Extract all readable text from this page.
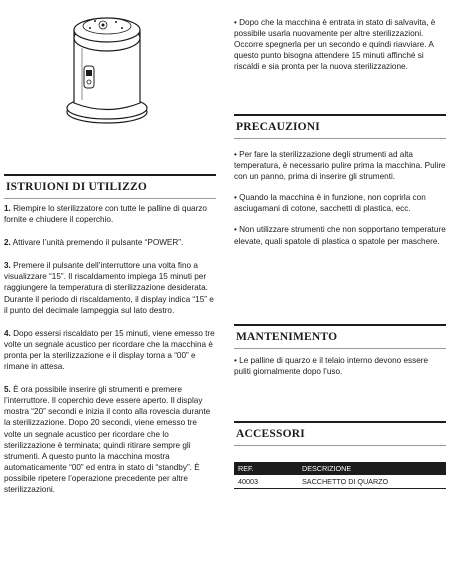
ISTRUIONI DI UTILIZZO

1. Riempire lo sterilizzatore con tutte le palline di quarzo fornite e chiudere il coperchio.

2. Attivare l’unità premendo il pulsante “POWER”.

3. Premere il pulsante dell’interruttore una volta fino a visualizzare “15”. Il riscaldamento impiega 15 minuti per raggiungere la temperatura di sterilizzazione desiderata. Durante il periodo di riscaldamento, il display indica “15” e il punto del decimale lampeggia sul lato destro.

4. Dopo essersi riscaldato per 15 minuti, viene emesso tre volte un segnale acustico per ricordare che la macchina è pronta per la sterilizzazione e il display torna a “00” e rimane in attesa.

5. È ora possibile inserire gli strumenti e premere l’interruttore. Il coperchio deve essere aperto. Il display mostra “20” secondi e inizia il conto alla rovescia durante la sterilizzazione. Dopo 20 secondi, viene emesso tre volte un segnale acustico per ricordare che lo sterilizzazione è terminata; quindi ritirare sempre gli strumenti. A questo punto la macchina mostra automaticamente “00” ed entra in stato di “standby”. È possibile ripetere l’operazione precedente per altre sterilizzazioni.

• Dopo che la macchina è entrata in stato di salvavita, è possibile usarla nuovamente per altre sterilizzazioni. Occorre spegnerla per un secondo e quindi riavviare. A questo punto bisogna attendere 15 minuti affinché si riscaldi e sia pronta per la nuova sterilizzazione.

PRECAUZIONI

• Per fare la sterilizzazione degli strumenti ad alta temperatura, è necessario pulire prima la macchina. Pulire con un panno, prima di inserire gli strumenti.

• Quando la macchina è in funzione, non coprirla con asciugamani di cotone, sacchetti di plastica, ecc.

• Non utilizzare strumenti che non sopportano temperature elevate, quali spatole di plastica o spatole per maschere.

MANTENIMENTO

• Le palline di quarzo e il telaio interno devono essere puliti giornalmente dopo l’uso.

ACCESSORI
REF.	DESCRIZIONE
40003	SACCHETTO DI QUARZO
